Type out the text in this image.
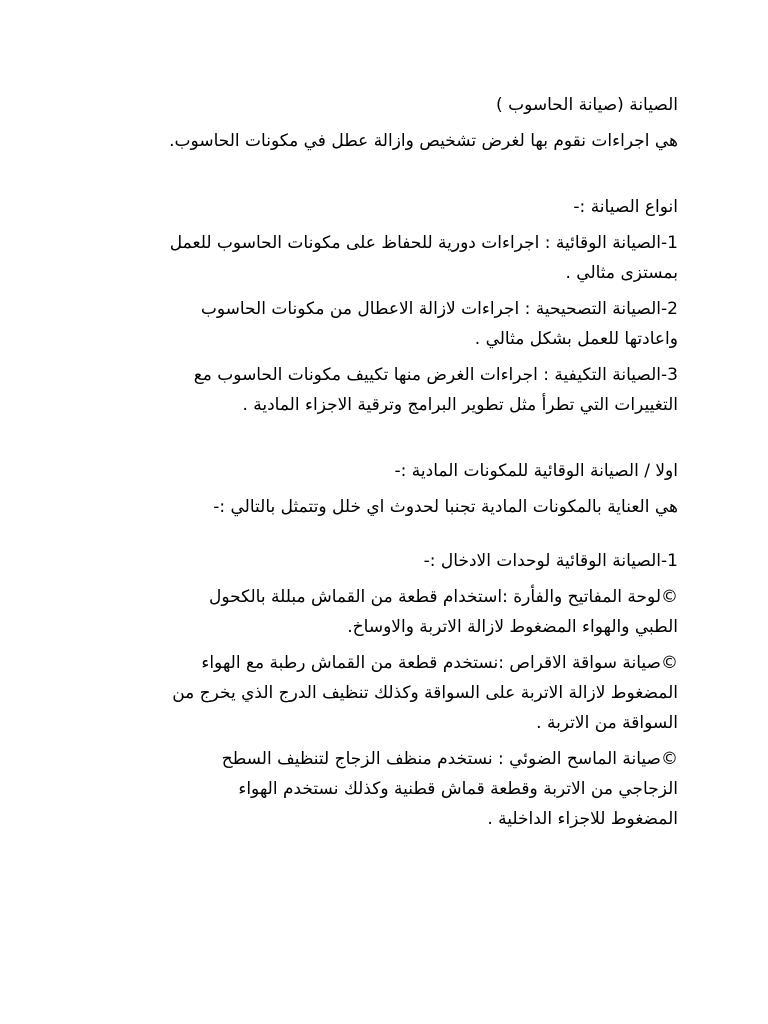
الصيانة (صيانة الحاسوب )
هي اجراءات نقوم بها لغرض تشخيص وازالة عطل في مكونات الحاسوب.
انواع الصيانة :-
1-الصيانة الوقائية : اجراءات دورية للحفاظ على مكونات الحاسوب للعمل
بمستزى مثالي .
2-الصيانة التصحيحية : اجراءات لازالة الاعطال من مكونات الحاسوب
واعادتها للعمل بشكل مثالي .
3-الصيانة التكيفية : اجراءات الغرض منها تكييف مكونات الحاسوب مع
التغييرات التي تطرأ مثل تطوير البرامج وترقية الاجزاء المادية .
اولا / الصيانة الوقائية للمكونات المادية :-
هي العناية بالمكونات المادية تجنبا لحدوث اي خلل وتتمثل بالتالي :-
1-الصيانة الوقائية لوحدات الادخال :-
©لوحة المفاتيح والفأرة :استخدام قطعة من القماش مبللة بالكحول
الطبي والهواء المضغوط لازالة الاتربة والاوساخ.
©صيانة سواقة الاقراص :نستخدم قطعة من القماش رطبة مع الهواء
المضغوط لازالة الاتربة على السواقة وكذلك تنظيف الدرج الذي يخرج من
السواقة من الاتربة .
©صيانة الماسح الضوئي : نستخدم منظف الزجاج لتنظيف السطح
الزجاجي من الاتربة وقطعة قماش قطنية وكذلك نستخدم الهواء
المضغوط للاجزاء الداخلية .
